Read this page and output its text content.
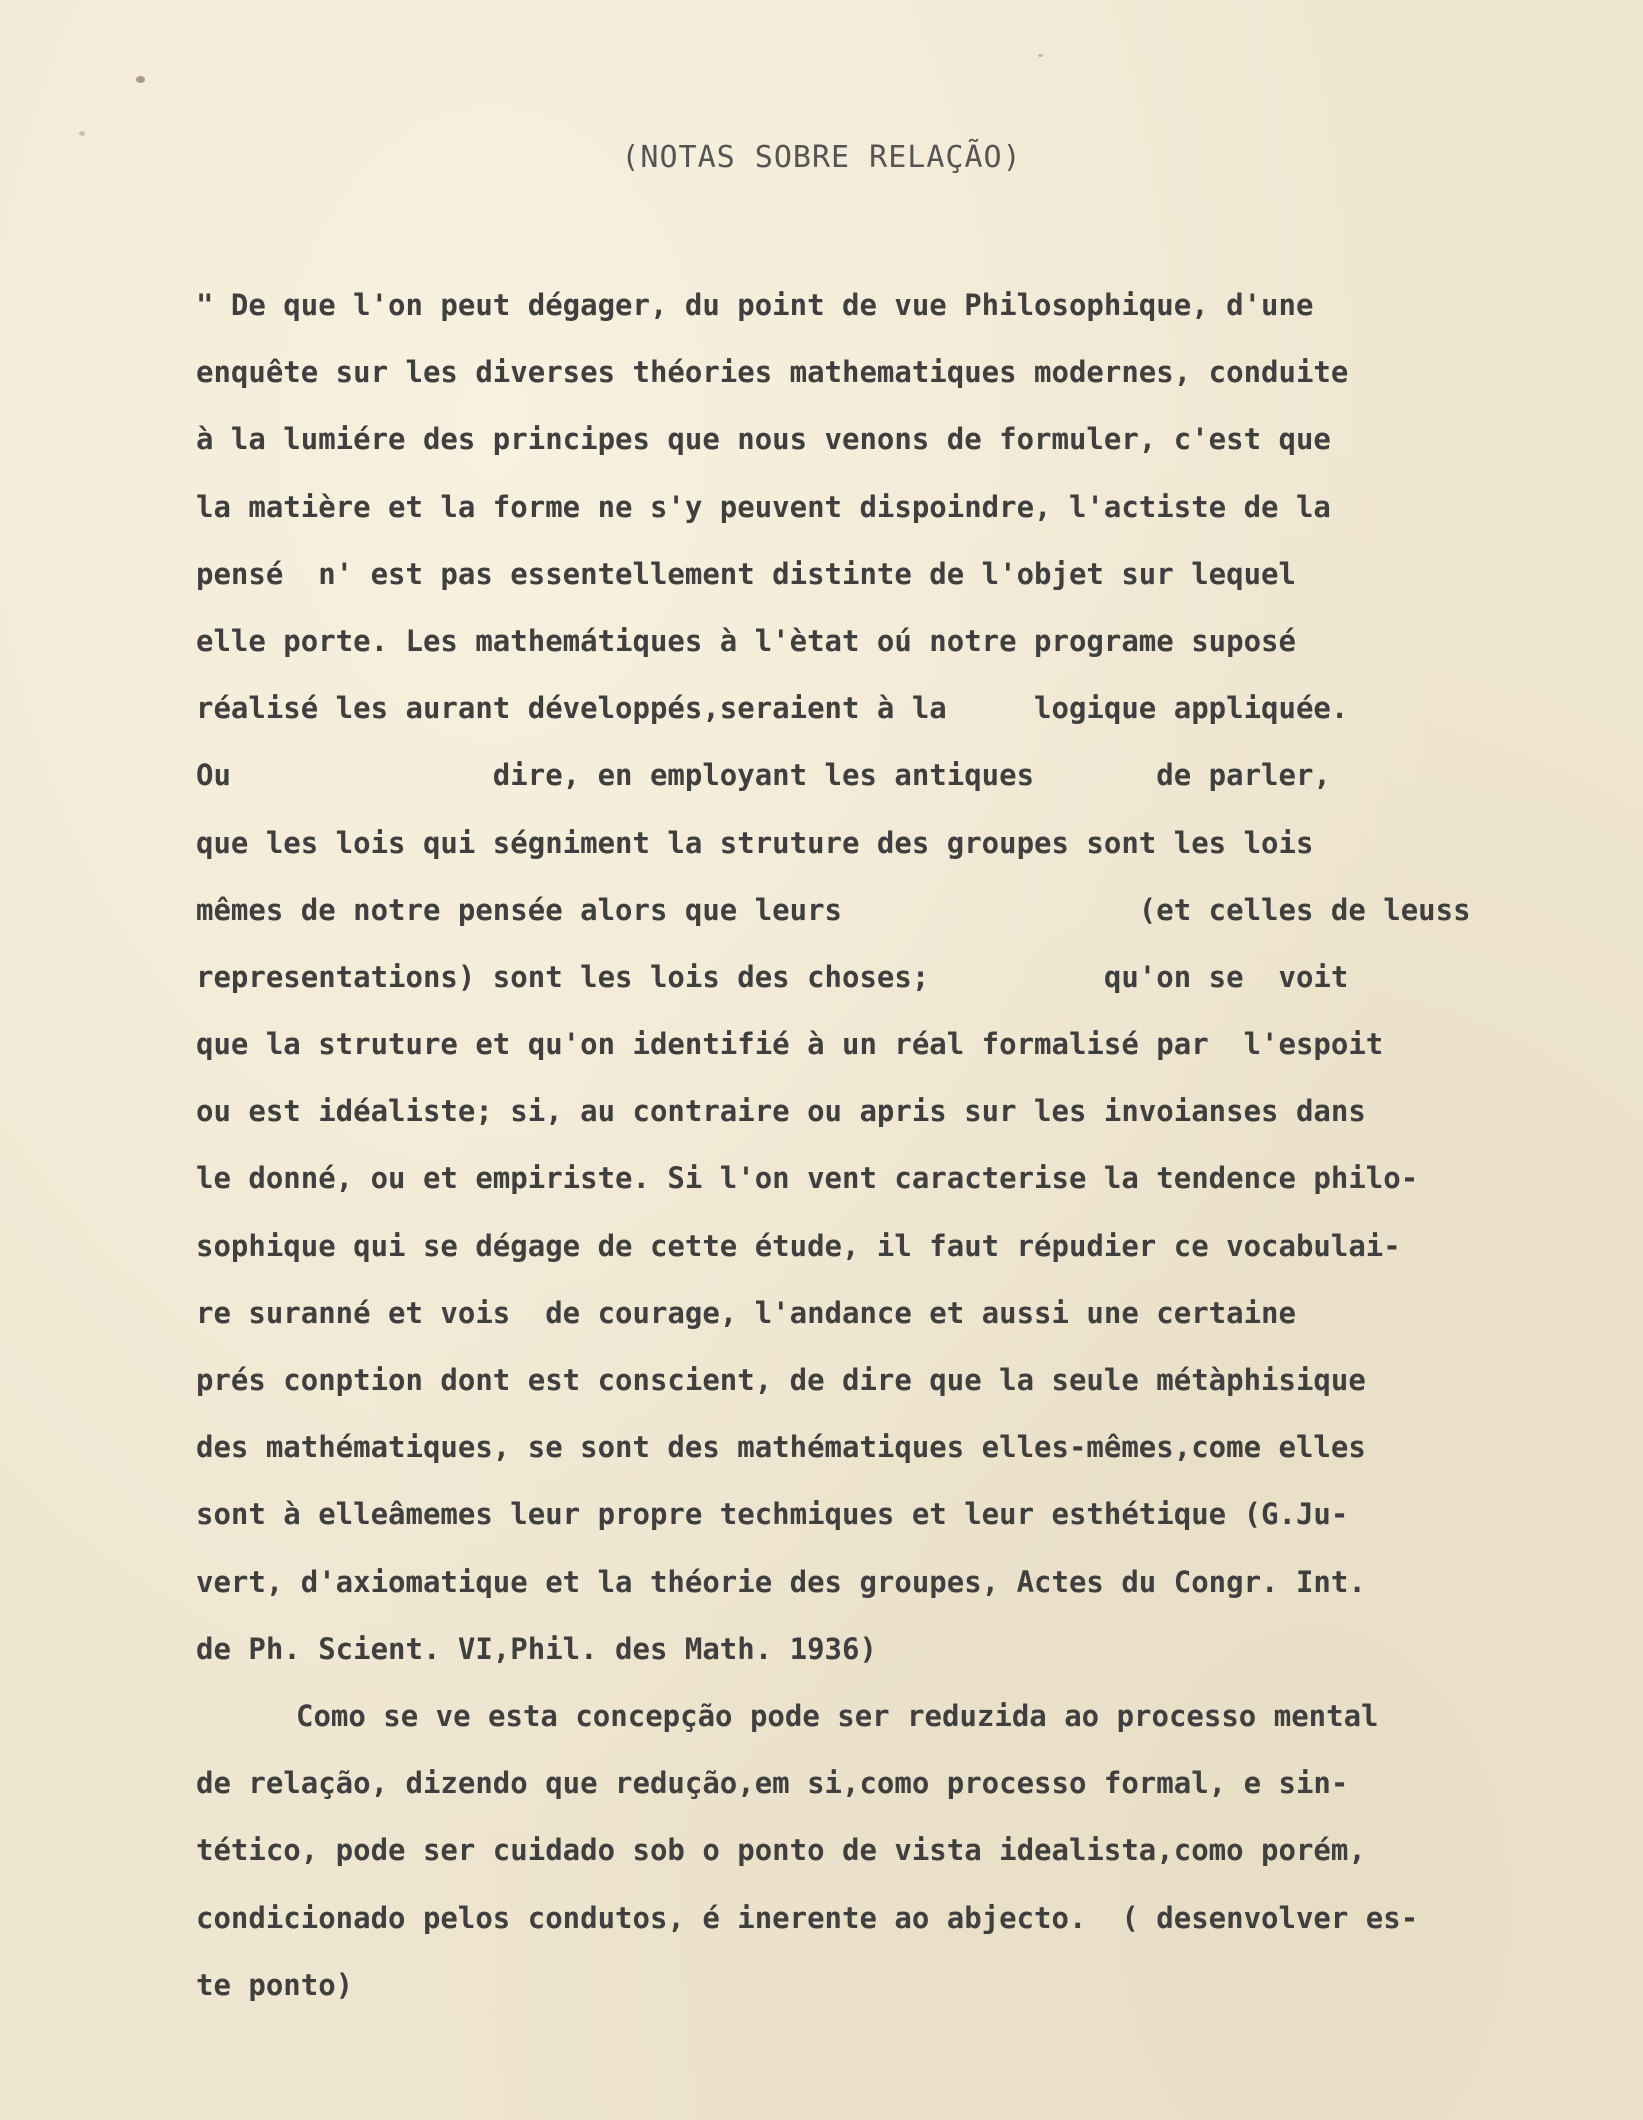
(NOTAS SOBRE RELAÇÃO)
" De que l'on peut dégager, du point de vue Philosophique, d'une
enquête sur les diverses théories mathematiques modernes, conduite
à la lumiére des principes que nous venons de formuler, c'est que
la matière et la forme ne s'y peuvent dispoindre, l'actiste de la
pensé  n' est pas essentellement distinte de l'objet sur lequel
elle porte. Les mathemátiques à l'ètat oú notre programe suposé
réalisé les aurant développés,seraient à la     logique appliquée.
Ou               dire, en employant les antiques       de parler,
que les lois qui ségniment la struture des groupes sont les lois
mêmes de notre pensée alors que leurs                 (et celles de leuss
representations) sont les lois des choses;          qu'on se  voit
que la struture et qu'on identifié à un réal formalisé par  l'espoit
ou est idéaliste; si, au contraire ou apris sur les invoianses dans
le donné, ou et empiriste. Si l'on vent caracterise la tendence philo-
sophique qui se dégage de cette étude, il faut répudier ce vocabulai-
re suranné et vois  de courage, l'andance et aussi une certaine
prés conption dont est conscient, de dire que la seule métàphisique
des mathématiques, se sont des mathématiques elles-mêmes,come elles
sont à elleâmemes leur propre techmiques et leur esthétique (G.Ju-
vert, d'axiomatique et la théorie des groupes, Actes du Congr. Int.
de Ph. Scient. VI,Phil. des Math. 1936)
Como se ve esta concepção pode ser reduzida ao processo mental
de relação, dizendo que redução,em si,como processo formal, e sin-
tético, pode ser cuidado sob o ponto de vista idealista,como porém,
condicionado pelos condutos, é inerente ao abjecto.  ( desenvolver es-
te ponto)
